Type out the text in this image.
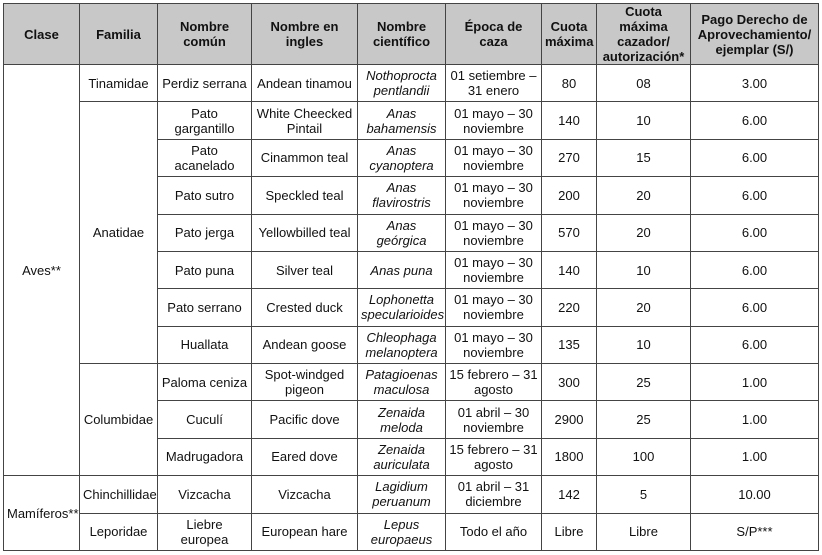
Clase	Familia	Nombre común	Nombre en ingles	Nombre científico	Época de caza	Cuota máxima	Cuota máxima cazador/ autorización*	Pago Derecho de Aprovechamiento/ ejemplar (S/)
Aves**	Tinamidae	Perdiz serrana	Andean tinamou	Nothoprocta pentlandii	01 setiembre – 31 enero	80	08	3.00
	Anatidae	Pato gargantillo	White Cheecked Pintail	Anas bahamensis	01 mayo – 30 noviembre	140	10	6.00
		Pato acanelado	Cinammon teal	Anas cyanoptera	01 mayo – 30 noviembre	270	15	6.00
		Pato sutro	Speckled teal	Anas flavirostris	01 mayo – 30 noviembre	200	20	6.00
		Pato jerga	Yellowbilled teal	Anas geórgica	01 mayo – 30 noviembre	570	20	6.00
		Pato puna	Silver teal	Anas puna	01 mayo – 30 noviembre	140	10	6.00
		Pato serrano	Crested duck	Lophonetta specularioides	01 mayo – 30 noviembre	220	20	6.00
		Huallata	Andean goose	Chleophaga melanoptera	01 mayo – 30 noviembre	135	10	6.00
	Columbidae	Paloma ceniza	Spot-windged pigeon	Patagioenas maculosa	15 febrero – 31 agosto	300	25	1.00
		Cuculí	Pacific dove	Zenaida meloda	01 abril – 30 noviembre	2900	25	1.00
		Madrugadora	Eared dove	Zenaida auriculata	15 febrero – 31 agosto	1800	100	1.00
Mamíferos**	Chinchillidae	Vizcacha	Vizcacha	Lagidium peruanum	01 abril – 31 diciembre	142	5	10.00
	Leporidae	Liebre europea	European hare	Lepus europaeus	Todo el año	Libre	Libre	S/P***
